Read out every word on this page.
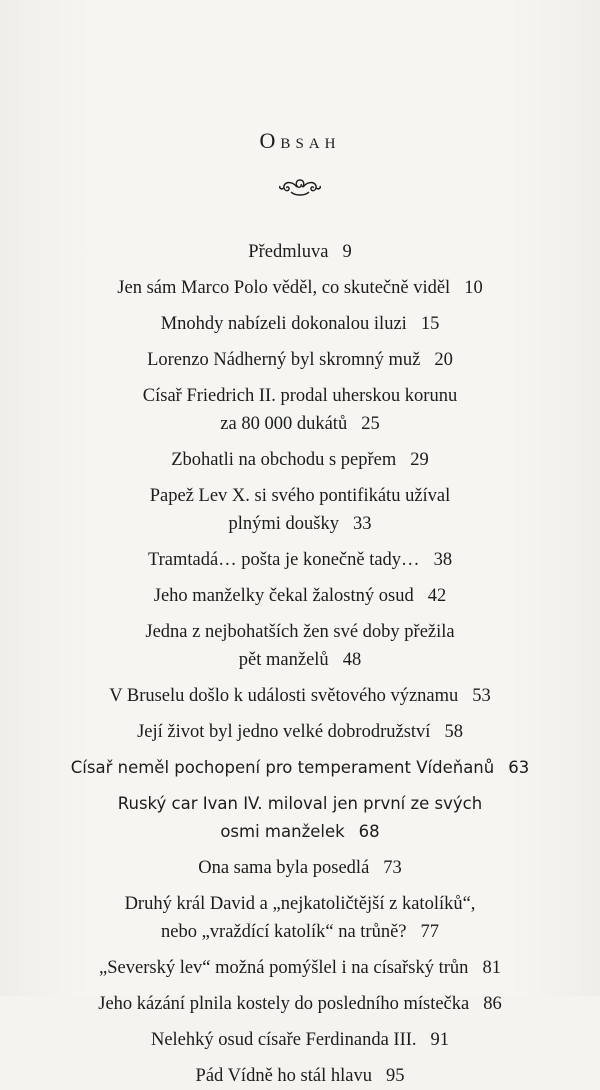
Obsah
Předmluva 9
Jen sám Marco Polo věděl, co skutečně viděl 10
Mnohdy nabízeli dokonalou iluzi 15
Lorenzo Nádherný byl skromný muž 20
Císař Friedrich II. prodal uherskou korunu
za 80 000 dukátů 25
Zbohatli na obchodu s pepřem 29
Papež Lev X. si svého pontifikátu užíval
plnými doušky 33
Tramtadá… pošta je konečně tady… 38
Jeho manželky čekal žalostný osud 42
Jedna z nejbohatších žen své doby přežila
pět manželů 48
V Bruselu došlo k události světového významu 53
Její život byl jedno velké dobrodružství 58
Císař neměl pochopení pro temperament Vídeňanů 63
Ruský car Ivan IV. miloval jen první ze svých
osmi manželek 68
Ona sama byla posedlá 73
Druhý král David a „nejkatoličtější z katolíků“,
nebo „vraždící katolík“ na trůně? 77
„Severský lev“ možná pomýšlel i na císařský trůn 81
Jeho kázání plnila kostely do posledního místečka 86
Nelehký osud císaře Ferdinanda III. 91
Pád Vídně ho stál hlavu 95
